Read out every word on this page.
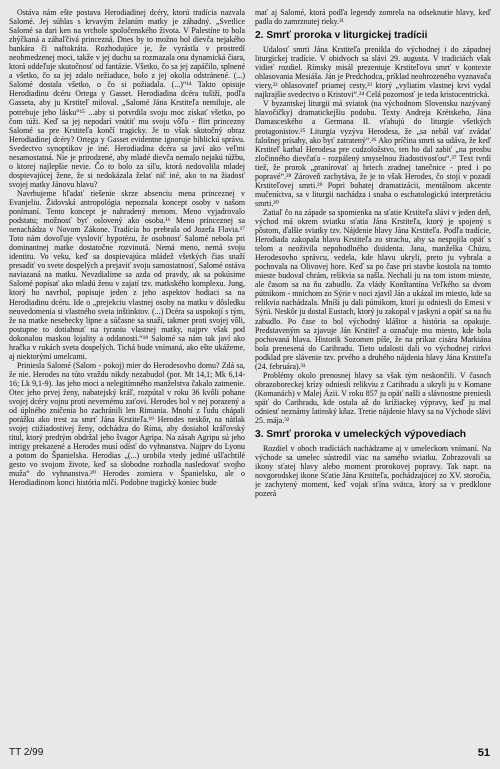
Ostáva nám ešte postava Herodiadinej dcéry, ktorú tradícia nazvala Salomé. Jej súhlas s krvavým želaním matky je záhadný. „Svetlice Salomé sa dari ken na vrchole spoločenského života. V Palestíne to bola zhýčkaná a záhaľčivá princezná. Dnes by to možno bol dievča nejakého bankára či naftokráta. Rozhodujúce je, že vyrástla v prostredí neobmedzenej moci, takže v jej duchu sa rozmazala ona dynamická čiara, ktorá oddeľuje skutočnosť od fantázie. Všetko, čo sa jej zapáčilo, splnené a všetko, čo sa jej zdalo nežiaduce, bolo z jej okolia odstránené. (...) Salomé dostala všetko, o čo si požiadala. (...)“¹⁴ Takto opisuje Herodiadinu dcéru Ortega y Gasset. Herodiadina dcéra tušiží, podľa Gasseta, aby ju Krstiteľ miloval. „Salomé Jána Krstiteľa nemiluje, ale potrebuje jeho lásku“¹⁵ ...aby si potvrdila svoju moc získať všetko, po čom túži. Keď sa jej nepodarí vnútiť mu svoju vôľu - flirt princezny Salomé sa pre Krstiteľa končí tragicky. Je to však skutočný obraz Herodiadinej dcéry? Ortega y Gasset evidentne ignoruje biblickú správu. Svedectvo synoptikov je iné. Herodiadina dcéra sa javí ako veľmi nesamostatná. Nie je prirodzené, aby mladé dievča nemalo nejakú túžbu, o ktorej najlepšie nevie. Čo to bolo za síľu, ktorá nedovolila mladej dospievajúcej žene, že si nedokázala želať nič iné, ako to na žiadosť svojej matky Jánovu hlavu?

Navrhujeme hľadať riešenie skrze absenciu mena princeznej v Evanjeliu. Židovská antropológia nepoznala koncept osoby v našom ponímaní. Tento koncept je nahradený menom. Meno vyjadrovalo podstatu; možnosť byť oslovený ako osoba.¹⁶ Meno princeznej sa nenachádza v Novom Zákone. Tradícia ho prebrala od Jozefa Flavia.¹⁷ Toto nám dovoľuje vysloviť hypotézu, že osobnosť Salomé nebola pri dominantnej matke dostatočne rozvinutá. Nemá meno, nemá svoju identitu. Vo veku, keď sa dospievajúca mládež všetkých čias snaží presadiť vo svete dospelých a prejaviť svoju samostatnosť, Salomé ostáva naviazaná na matku. Nevzdialime sa azda od pravdy, ak sa pokúsime Salomé popísať ako mladú ženu v zajatí tzv. matkského komplexu. Jung, ktorý ho navrhol, popisuje jeden z jeho aspektov hodiaci sa na Herodiadinu dcéru. Ide o „prejekciu vlastnej osoby na matku v dôsledku neuvedomenia si vlastného sveta inštinktov. (...) Dcéra sa uspokojí s tým, že na matke nesebecky lipne a súčasne sa snaží, takmer proti svojej vôli, postupne to dotiahnuť na tyraniu vlastnej matky, najprv však pod dokonalou maskou lojality a oddanosti.“¹⁸ Salomé sa nám tak javí ako hračka v rukách sveta dospelých. Tichá bude vnímaná, ako ešte ukážeme, aj niektorými umelcami.

Priniesla Salomé (Salom - pokoj) mier do Herodesovho domu? Zdá sa, že nie. Herodes na túto vraždu nikdy nezabudol (por. Mt 14,1; Mk 6,14-16; Lk 9,1-9). Jas jeho moci a nelegitímného manželstva čakalo zatmenie. Otec jeho prvej ženy, nabatejský kráľ, rozpútal v roku 36 kvôli pohane svojej dcéry vojnu proti nevernému zaťovi. Herodes bol v nej porazený a od úplného zničenia ho zachránili len Rimania. Mnohí z ľudu chápali porážku ako trest za smrť Jána Krstiteľa.¹⁹ Herodes neskôr, na nátlak svojej ctižiadostivej ženy, odchádza do Ríma, aby dosiahol kráľovský titul, ktorý predtým obdržal jeho švagor Agripa. Na zásah Agripu sú jeho intrigy prekazené a Herodes musí odísť do vyhnanstva. Najprv do Lyonu a potom do Španielska. Herodias „(...) urobila vtedy jediné ušľachtilé gesto vo svojom živote, keď sa slobodne rozhodla nasledovať svojho muža“ do vyhnanstva.²⁰ Herodes zomiera v Španielsku, ale o Herodiadinom konci história mlčí. Podobne tragický koniec bude

mať aj Salomé, ktorá podľa legendy zomrela na odseknutie hlavy, keď padla do zamrznutej rieky.²¹

2. Smrť proroka v liturgickej tradícii

Udalosť smrti Jána Krstiteľa prenikla do východnej i do západnej liturgickej tradície. V obidvoch sa slávi 29. augusta. V tradiciách však vidieť rozdiel. Rímsky misál prezentuje Krstiteľovu smrť v kontexte ohlasovania Mesiáša. Ján je Predchodca, príklad neohrozeného vyznavača viery,²² ohlasovateľ priamej cesty,²³ ktorý „vyliatím vlastnej krvi vydal najkrajšie svedectvo o Kristovi“.²⁴ Celá pozornosť je teda kristocentrická.

V byzantskej liturgii má sviatok (na východnom Slovensku nazývaný hlavočičky) dramatickejšiu podobu. Texty Andreja Krétskeho, Jána Damasceského a Germana II. vťahujú do liturgie všetkých protagonistov.²⁵ Liturgia vyzýva Herodesa, že „sa nebál vať zvádať falošnej prísahy, ako byť zatratený“.²⁶ Ako príčina smrti sa udáva, že keď Krstiteľ karhal Herodesa pre cudzoložstvo, ten ho dal zabiť „na prosbu zločinného dievčaťa - rozpálený smyselnou žiadostivosťou“.²⁷ Text tvrdí tiež, že prorok „pranírovať aj hriech zradnej tanečnice - pred i po popravé“.²⁸ Zároveň zachytáva, že je to však Herodes, čo stojí v pozadí Krstiteľovej smrti.²⁹ Popri bohatej dramatizácii, mentálnom akcente mučeníctva, sa v liturgii nachádza i snaha o eschatologickú interpretáciu smrti.³⁰

Zatiaľ čo na západe sa spomienka na sťatie Krstiteľa slávi v jeden deň, východ má okrem sviatku sťatia Jána Krstiteľa, ktorý je spojený s pôstom, ďalšie sviatky tzv. Nájdenie hlavy Jána Krstiteľa. Podľa tradície, Herodiada zakopala hlavu Krstiteľa zo strachu, aby sa nespojila opäť s telom a neoživila nepohodlného disidenta. Jana, manželka Chúzu, Herodesovho správcu, vedela, kde hlavu ukryli, preto ju vybrala a pochovala na Olivovej hore. Keď sa po čase pri stavbe kostola na tomto mieste budoval chrám, relikvia sa našla. Nechali ju na tom istom mieste, ale časom sa na ňu zabudlo. Za vlády Konštantína Veľkého sa dvom pútnikom - mníchom zo Sýrie v noci zjavil Ján a ukázal im miesto, kde sa relikvia nachádzala. Mníši ju dali pútnikom, ktorí ju odniesli do Emesi v Sýrii. Neskôr ju dostal Eustach, ktorý ju zakopal v jaskyni a opäť sa na ňu zabudlo. Po čase to bol východný kláštor a história sa opakuje. Predstaveným sa zjavuje Ján Krstiteľ a označuje mu miesto, kde bola pochovaná hlava. Historik Sozomen píše, že na príkaz cisára Markiána bola prenesená do Carihradu. Tieto udalosti dali vo východnej cirkvi podklad pre slávenie tzv. prvého a druhého nájdenia hlavy Jána Krstiteľa (24. februára).³¹

Problémy okolo prenosnej hlavy sa však tým neskončili. V časoch obrazoboreckej krízy odniesli relikviu z Carihradu a ukryli ju v Komane (Komanách) v Malej Ázii. V roku 857 ju opäť našli a slávnostne preniesli späť do Carihradu, kde ostala až do križiackej výpravy, keď ju mal odniesť neznámy latinský kňaz. Tretie nájdenie hlavy sa na Východe slávi 25. mája.³²

3. Smrť proroka v umeleckých výpovediach

Rozdiel v oboch tradíciách nachádzame aj v umeleckom vnímaní. Na východe sa umelec sústredil viac na samého sviatku. Zobrazovali sa ikony sťatej hlavy alebo moment prorokovej popravy. Tak napr. na novgorodskej ikone Sťatie Jána Krstiteľa, pochádzajúcej zo XV. storočia, je zachytený moment, keď vojak sťína svätca, ktorý sa v predklone pozerá

TT 2/99	51
